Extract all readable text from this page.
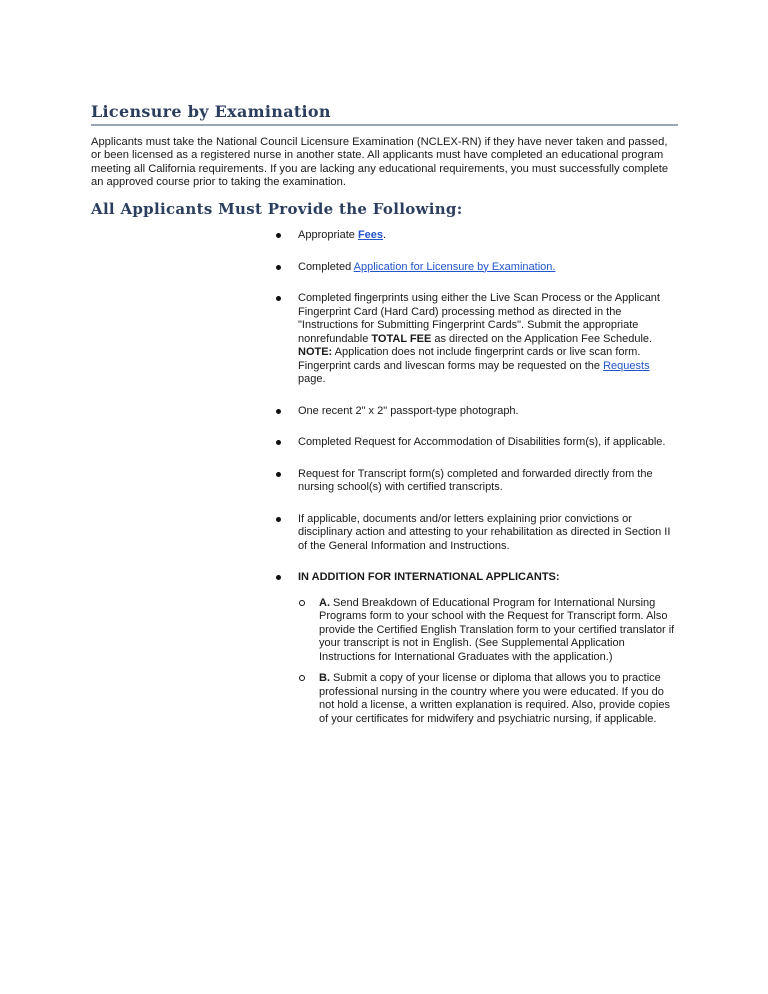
Licensure by Examination

Applicants must take the National Council Licensure Examination (NCLEX-RN) if they have never taken and passed, or been licensed as a registered nurse in another state. All applicants must have completed an educational program meeting all California requirements. If you are lacking any educational requirements, you must successfully complete an approved course prior to taking the examination.

All Applicants Must Provide the Following:

Appropriate Fees.

Completed Application for Licensure by Examination.

Completed fingerprints using either the Live Scan Process or the Applicant Fingerprint Card (Hard Card) processing method as directed in the "Instructions for Submitting Fingerprint Cards". Submit the appropriate nonrefundable TOTAL FEE as directed on the Application Fee Schedule.

NOTE: Application does not include fingerprint cards or live scan form. Fingerprint cards and livescan forms may be requested on the Requests page.

One recent 2" x 2" passport-type photograph.

Completed Request for Accommodation of Disabilities form(s), if applicable.

Request for Transcript form(s) completed and forwarded directly from the nursing school(s) with certified transcripts.

If applicable, documents and/or letters explaining prior convictions or disciplinary action and attesting to your rehabilitation as directed in Section II of the General Information and Instructions.

IN ADDITION FOR INTERNATIONAL APPLICANTS:

A. Send Breakdown of Educational Program for International Nursing Programs form to your school with the Request for Transcript form. Also provide the Certified English Translation form to your certified translator if your transcript is not in English. (See Supplemental Application Instructions for International Graduates with the application.)

B. Submit a copy of your license or diploma that allows you to practice professional nursing in the country where you were educated. If you do not hold a license, a written explanation is required. Also, provide copies of your certificates for midwifery and psychiatric nursing, if applicable.
